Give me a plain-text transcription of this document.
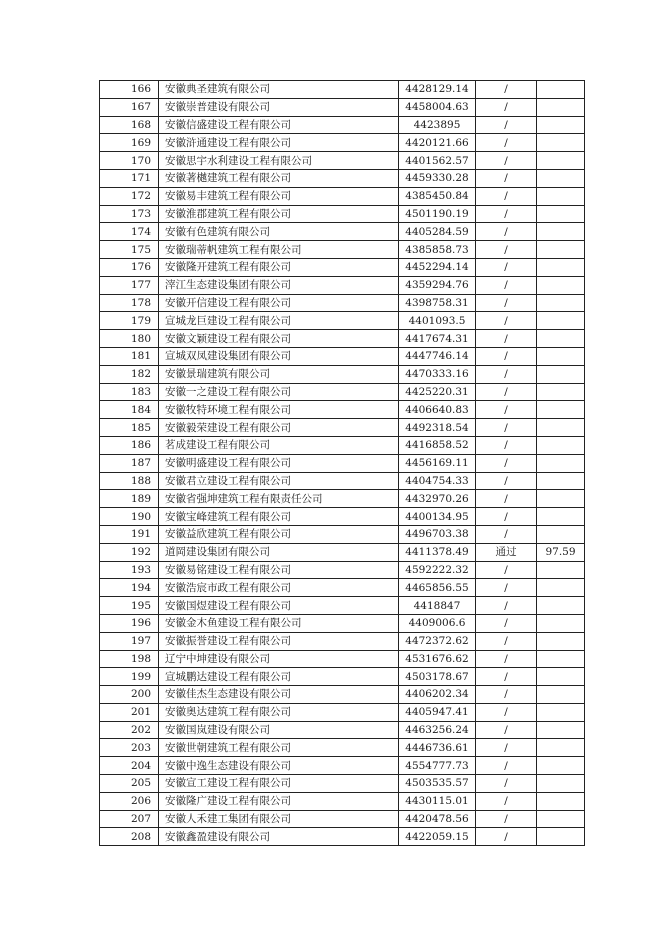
166	安徽典圣建筑有限公司	4428129.14	/	
167	安徽崇普建设有限公司	4458004.63	/	
168	安徽信盛建设工程有限公司	4423895	/	
169	安徽浒通建设工程有限公司	4420121.66	/	
170	安徽思宇水利建设工程有限公司	4401562.57	/	
171	安徽著樾建筑工程有限公司	4459330.28	/	
172	安徽易丰建筑工程有限公司	4385450.84	/	
173	安徽淮郡建筑工程有限公司	4501190.19	/	
174	安徽有色建筑有限公司	4405284.59	/	
175	安徽瑞蒂帆建筑工程有限公司	4385858.73	/	
176	安徽隆开建筑工程有限公司	4452294.14	/	
177	滓江生态建设集团有限公司	4359294.76	/	
178	安徽开信建设工程有限公司	4398758.31	/	
179	宣城龙巨建设工程有限公司	4401093.5	/	
180	安徽文颖建设工程有限公司	4417674.31	/	
181	宣城双凤建设集团有限公司	4447746.14	/	
182	安徽景瑞建筑有限公司	4470333.16	/	
183	安徽一之建设工程有限公司	4425220.31	/	
184	安徽牧特环境工程有限公司	4406640.83	/	
185	安徽毅荣建设工程有限公司	4492318.54	/	
186	茗成建设工程有限公司	4416858.52	/	
187	安徽明盛建设工程有限公司	4456169.11	/	
188	安徽君立建设工程有限公司	4404754.33	/	
189	安徽省强坤建筑工程有限责任公司	4432970.26	/	
190	安徽宝峰建筑工程有限公司	4400134.95	/	
191	安徽益欣建筑工程有限公司	4496703.38	/	
192	道岡建设集团有限公司	4411378.49	通过	97.59
193	安徽易铭建设工程有限公司	4592222.32	/	
194	安徽浩宸市政工程有限公司	4465856.55	/	
195	安徽国煜建设工程有限公司	4418847	/	
196	安徽金木鱼建设工程有限公司	4409006.6	/	
197	安徽振誉建设工程有限公司	4472372.62	/	
198	辽宁中坤建设有限公司	4531676.62	/	
199	宣城鹏达建设工程有限公司	4503178.67	/	
200	安徽佳杰生态建设有限公司	4406202.34	/	
201	安徽奥达建筑工程有限公司	4405947.41	/	
202	安徽国岚建设有限公司	4463256.24	/	
203	安徽世朝建筑工程有限公司	4446736.61	/	
204	安徽中逸生态建设有限公司	4554777.73	/	
205	安徽宣工建设工程有限公司	4503535.57	/	
206	安徽隆广建设工程有限公司	4430115.01	/	
207	安徽人禾建工集团有限公司	4420478.56	/	
208	安徽鑫盈建设有限公司	4422059.15	/	
